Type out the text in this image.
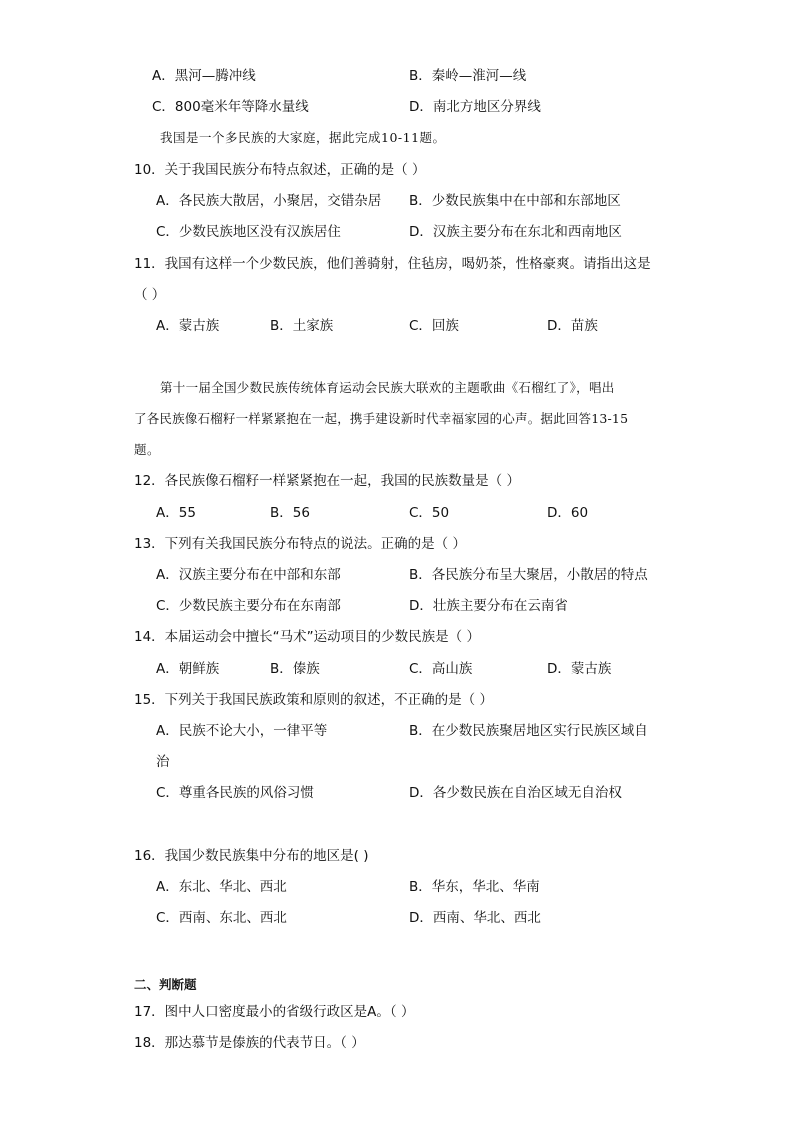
A．黑河—腾冲线	B．秦岭—淮河—线
C．800毫米年等降水量线	D．南北方地区分界线
我国是一个多民族的大家庭，据此完成10-11题。
10．关于我国民族分布特点叙述，正确的是（ ）
A．各民族大散居，小聚居，交错杂居 B．少数民族集中在中部和东部地区
C．少数民族地区没有汉族居住	D．汉族主要分布在东北和西南地区
11．我国有这样一个少数民族，他们善骑射，住毡房，喝奶茶，性格豪爽。请指出这是
（ ）
A．蒙古族	B．土家族	C．回族	D．苗族
第十一届全国少数民族传统体育运动会民族大联欢的主题歌曲《石榴红了》，唱出
了各民族像石榴籽一样紧紧抱在一起，携手建设新时代幸福家园的心声。据此回答13-15
题。
12．各民族像石榴籽一样紧紧抱在一起，我国的民族数量是（ ）
A．55	B．56	C．50	D．60
13．下列有关我国民族分布特点的说法。正确的是（ ）
A．汉族主要分布在中部和东部	B．各民族分布呈大聚居，小散居的特点
C．少数民族主要分布在东南部	D．壮族主要分布在云南省
14．本届运动会中擅长“马术”运动项目的少数民族是（ ）
A．朝鲜族	B．傣族	C．高山族	D．蒙古族
15．下列关于我国民族政策和原则的叙述，不正确的是（ ）
A．民族不论大小，一律平等	B．在少数民族聚居地区实行民族区域自
治
C．尊重各民族的风俗习惯	D．各少数民族在自治区域无自治权
16．我国少数民族集中分布的地区是( )
A．东北、华北、西北	B．华东，华北、华南
C．西南、东北、西北	D．西南、华北、西北
二、判断题
17．图中人口密度最小的省级行政区是A。（ ）
18．那达慕节是傣族的代表节日。（ ）
